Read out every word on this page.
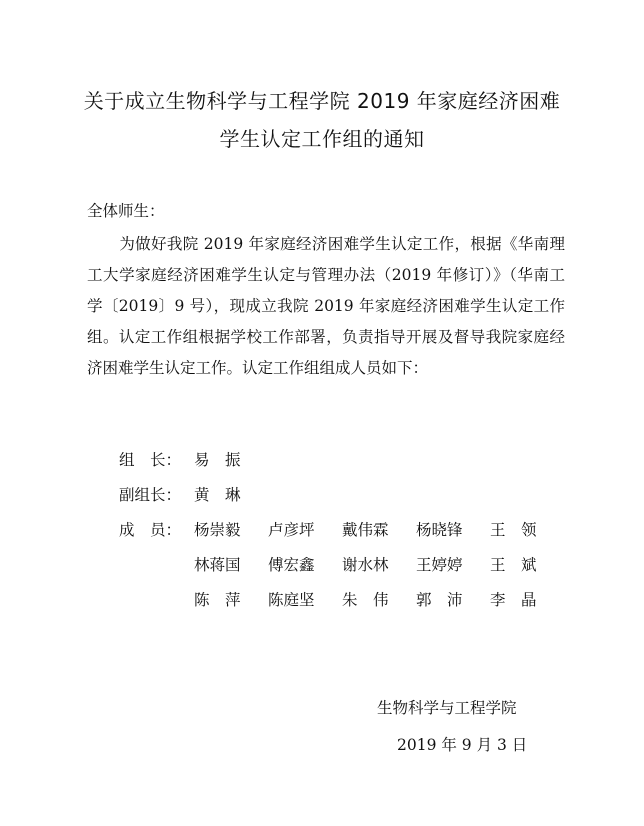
关于成立生物科学与工程学院 2019 年家庭经济困难
学生认定工作组的通知
全体师生：
为做好我院 2019 年家庭经济困难学生认定工作，根据《华南理工大学家庭经济困难学生认定与管理办法（2019 年修订）》（华南工学〔2019〕9 号），现成立我院 2019 年家庭经济困难学生认定工作组。认定工作组根据学校工作部署，负责指导开展及督导我院家庭经济困难学生认定工作。认定工作组组成人员如下：
组　长： 易　振
副组长： 黄　琳
成　员： 杨崇毅	卢彦坪	戴伟霖	杨晓锋	王　领
林蒋国	傅宏鑫	谢水林	王婷婷	王　斌
陈　萍	陈庭坚	朱　伟	郭　沛	李　晶
生物科学与工程学院
2019 年 9 月 3 日
